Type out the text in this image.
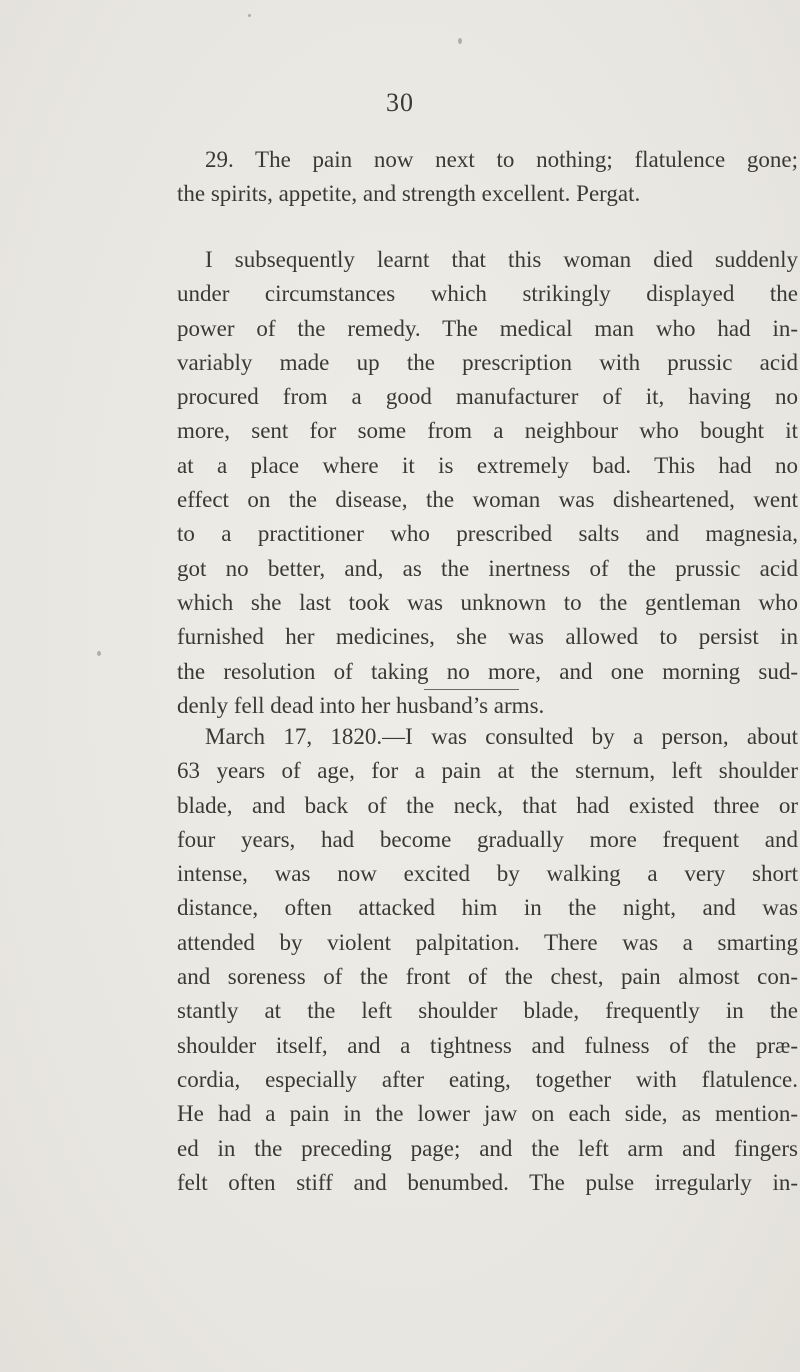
30
29. The pain now next to nothing; flatulence gone;
the spirits, appetite, and strength excellent. Pergat.
I subsequently learnt that this woman died suddenly
under circumstances which strikingly displayed the
power of the remedy. The medical man who had in-
variably made up the prescription with prussic acid
procured from a good manufacturer of it, having no
more, sent for some from a neighbour who bought it
at a place where it is extremely bad. This had no
effect on the disease, the woman was disheartened, went
to a practitioner who prescribed salts and magnesia,
got no better, and, as the inertness of the prussic acid
which she last took was unknown to the gentleman who
furnished her medicines, she was allowed to persist in
the resolution of taking no more, and one morning sud-
denly fell dead into her husband’s arms.
March 17, 1820.—I was consulted by a person, about
63 years of age, for a pain at the sternum, left shoulder
blade, and back of the neck, that had existed three or
four years, had become gradually more frequent and
intense, was now excited by walking a very short
distance, often attacked him in the night, and was
attended by violent palpitation. There was a smarting
and soreness of the front of the chest, pain almost con-
stantly at the left shoulder blade, frequently in the
shoulder itself, and a tightness and fulness of the præ-
cordia, especially after eating, together with flatulence.
He had a pain in the lower jaw on each side, as mention-
ed in the preceding page; and the left arm and fingers
felt often stiff and benumbed. The pulse irregularly in-
